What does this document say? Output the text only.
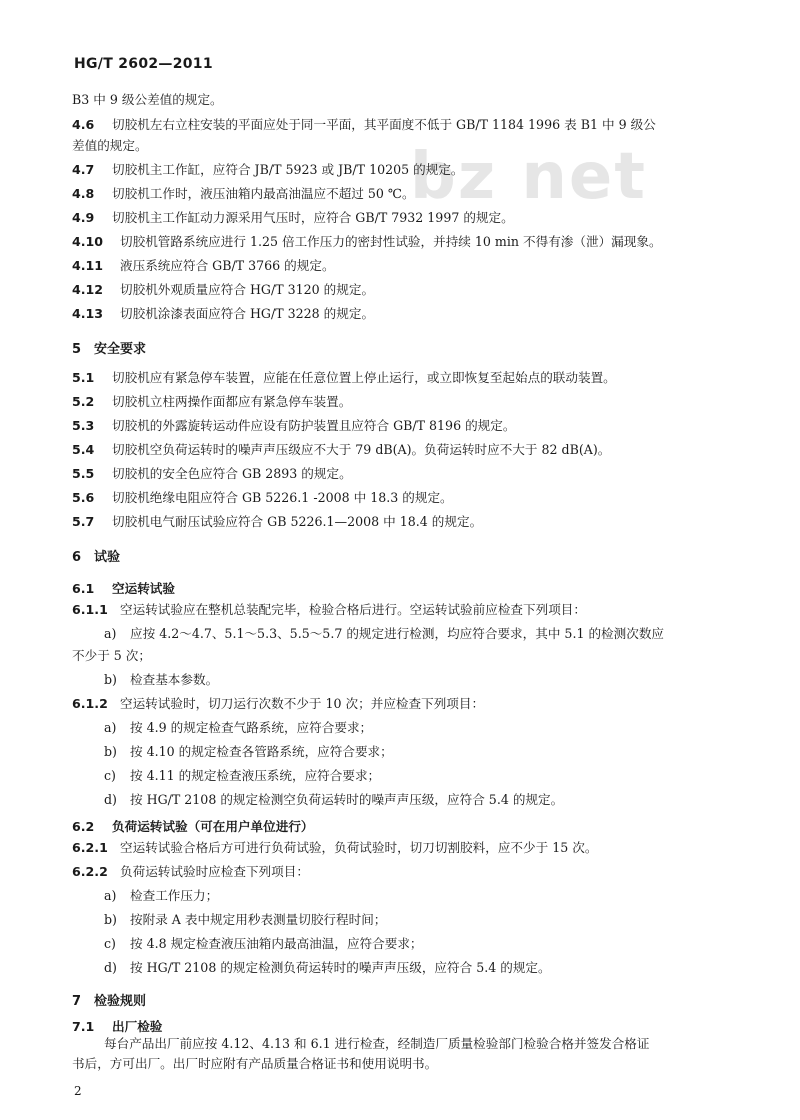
HG/T 2602—2011
bz net
B3 中 9 级公差值的规定。
4.6 切胶机左右立柱安装的平面应处于同一平面，其平面度不低于 GB/T 1184 1996 表 B1 中 9 级公
差值的规定。
4.7 切胶机主工作缸，应符合 JB/T 5923 或 JB/T 10205 的规定。
4.8 切胶机工作时，液压油箱内最高油温应不超过 50 ℃。
4.9 切胶机主工作缸动力源采用气压时，应符合 GB/T 7932 1997 的规定。
4.10 切胶机管路系统应进行 1.25 倍工作压力的密封性试验，并持续 10 min 不得有渗（泄）漏现象。
4.11 液压系统应符合 GB/T 3766 的规定。
4.12 切胶机外观质量应符合 HG/T 3120 的规定。
4.13 切胶机涂漆表面应符合 HG/T 3228 的规定。
5 安全要求
5.1 切胶机应有紧急停车装置，应能在任意位置上停止运行，或立即恢复至起始点的联动装置。
5.2 切胶机立柱两操作面都应有紧急停车装置。
5.3 切胶机的外露旋转运动件应设有防护装置且应符合 GB/T 8196 的规定。
5.4 切胶机空负荷运转时的噪声声压级应不大于 79 dB(A)。负荷运转时应不大于 82 dB(A)。
5.5 切胶机的安全色应符合 GB 2893 的规定。
5.6 切胶机绝缘电阻应符合 GB 5226.1 -2008 中 18.3 的规定。
5.7 切胶机电气耐压试验应符合 GB 5226.1—2008 中 18.4 的规定。
6 试验
6.1 空运转试验
6.1.1 空运转试验应在整机总装配完毕，检验合格后进行。空运转试验前应检查下列项目：
a) 应按 4.2～4.7、5.1～5.3、5.5～5.7 的规定进行检测，均应符合要求，其中 5.1 的检测次数应
不少于 5 次；
b) 检查基本参数。
6.1.2 空运转试验时，切刀运行次数不少于 10 次；并应检查下列项目：
a) 按 4.9 的规定检查气路系统，应符合要求；
b) 按 4.10 的规定检查各管路系统，应符合要求；
c) 按 4.11 的规定检查液压系统，应符合要求；
d) 按 HG/T 2108 的规定检测空负荷运转时的噪声声压级，应符合 5.4 的规定。
6.2 负荷运转试验（可在用户单位进行）
6.2.1 空运转试验合格后方可进行负荷试验，负荷试验时，切刀切割胶料，应不少于 15 次。
6.2.2 负荷运转试验时应检查下列项目：
a) 检查工作压力；
b) 按附录 A 表中规定用秒表测量切胶行程时间；
c) 按 4.8 规定检查液压油箱内最高油温，应符合要求；
d) 按 HG/T 2108 的规定检测负荷运转时的噪声声压级，应符合 5.4 的规定。
7 检验规则
7.1 出厂检验
每台产品出厂前应按 4.12、4.13 和 6.1 进行检查，经制造厂质量检验部门检验合格并签发合格证
书后，方可出厂。出厂时应附有产品质量合格证书和使用说明书。
2
